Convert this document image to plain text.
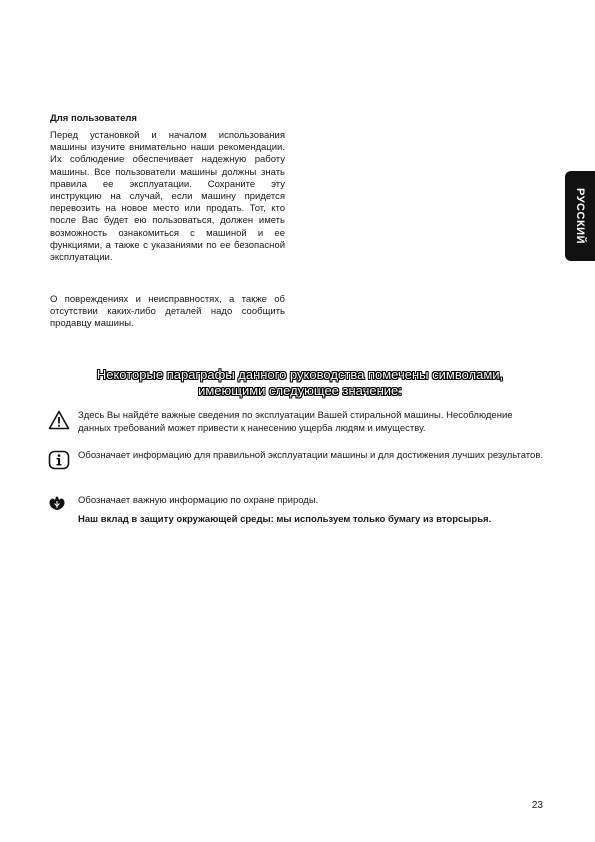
РУССКИЙ
Для пользователя
Перед установкой и началом использования машины изучите внимательно наши рекомендации. Их соблюдение обеспечивает надежную работу машины. Все пользователи машины должны знать правила ее эксплуатации. Сохраните эту инструкцию на случай, если машину придется перевозить на новое место или продать. Тот, кто после Вас будет ею пользоваться, должен иметь возможность ознакомиться с машиной и ее функциями, а также с указаниями по ее безопасной эксплуатации.
О повреждениях и неисправностях, а также об отсутствии каких-либо деталей надо сообщить продавцу машины.
Некоторые параграфы данного руководства помечены символами,
имеющими следующее значение:
Здесь Вы найдёте важные сведения по эксплуатации Вашей стиральной машины. Несоблюдение данных требований может привести к нанесению ущерба людям и имуществу.
Обозначает информацию для правильной эксплуатации машины и для достижения лучших результатов.
Обозначает важную информацию по охране природы.
Наш вклад в защиту окружающей среды: мы используем только бумагу из вторсырья.
23
